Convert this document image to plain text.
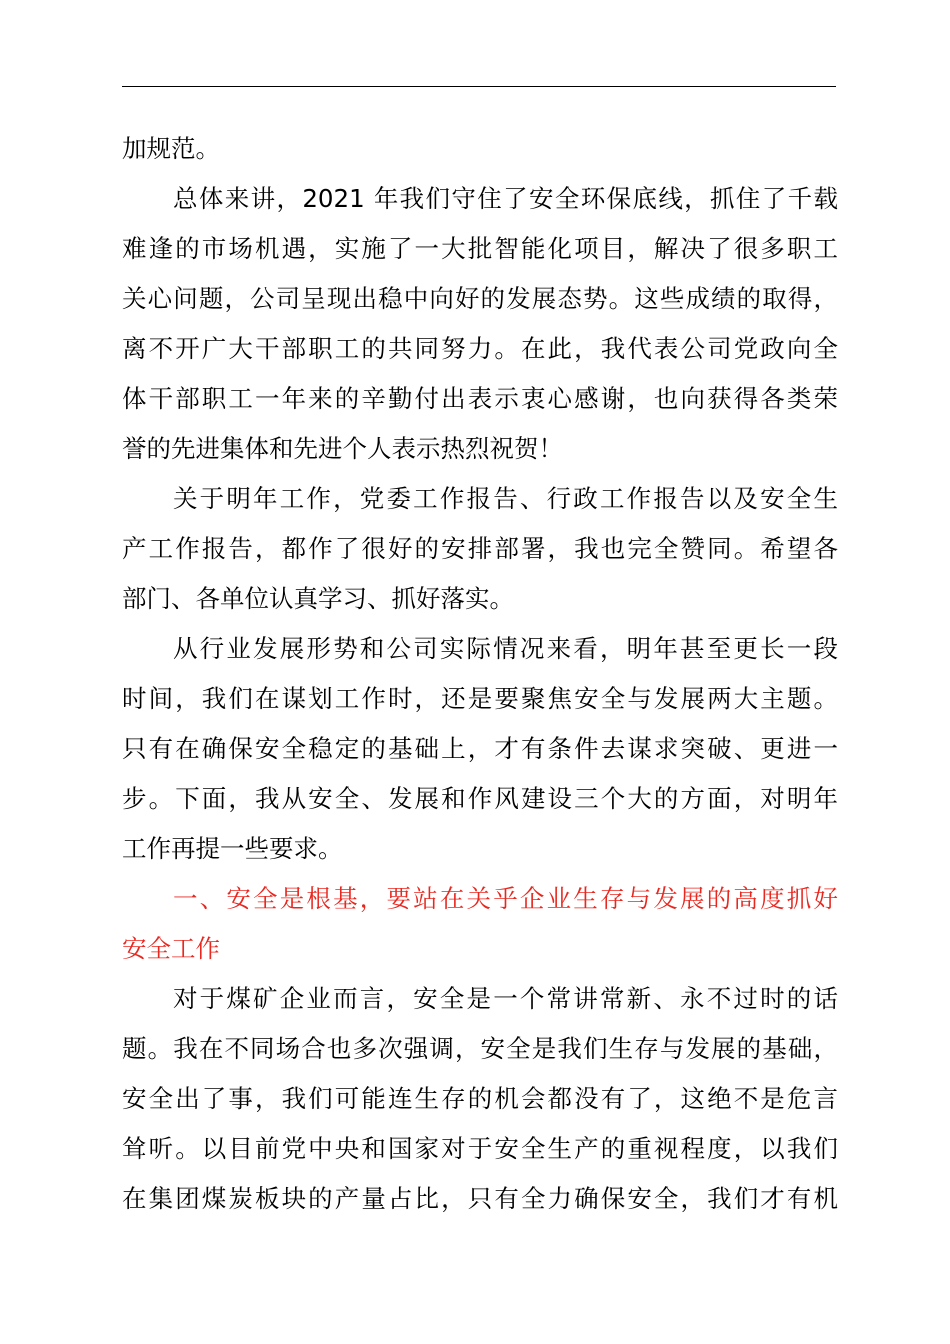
加规范。
总体来讲，2021 年我们守住了安全环保底线，抓住了千载
难逢的市场机遇，实施了一大批智能化项目，解决了很多职工
关心问题，公司呈现出稳中向好的发展态势。这些成绩的取得，
离不开广大干部职工的共同努力。在此，我代表公司党政向全
体干部职工一年来的辛勤付出表示衷心感谢，也向获得各类荣
誉的先进集体和先进个人表示热烈祝贺！
关于明年工作，党委工作报告、行政工作报告以及安全生
产工作报告，都作了很好的安排部署，我也完全赞同。希望各
部门、各单位认真学习、抓好落实。
从行业发展形势和公司实际情况来看，明年甚至更长一段
时间，我们在谋划工作时，还是要聚焦安全与发展两大主题。
只有在确保安全稳定的基础上，才有条件去谋求突破、更进一
步。下面，我从安全、发展和作风建设三个大的方面，对明年
工作再提一些要求。
一、安全是根基，要站在关乎企业生存与发展的高度抓好
安全工作
对于煤矿企业而言，安全是一个常讲常新、永不过时的话
题。我在不同场合也多次强调，安全是我们生存与发展的基础，
安全出了事，我们可能连生存的机会都没有了，这绝不是危言
耸听。以目前党中央和国家对于安全生产的重视程度，以我们
在集团煤炭板块的产量占比，只有全力确保安全，我们才有机
